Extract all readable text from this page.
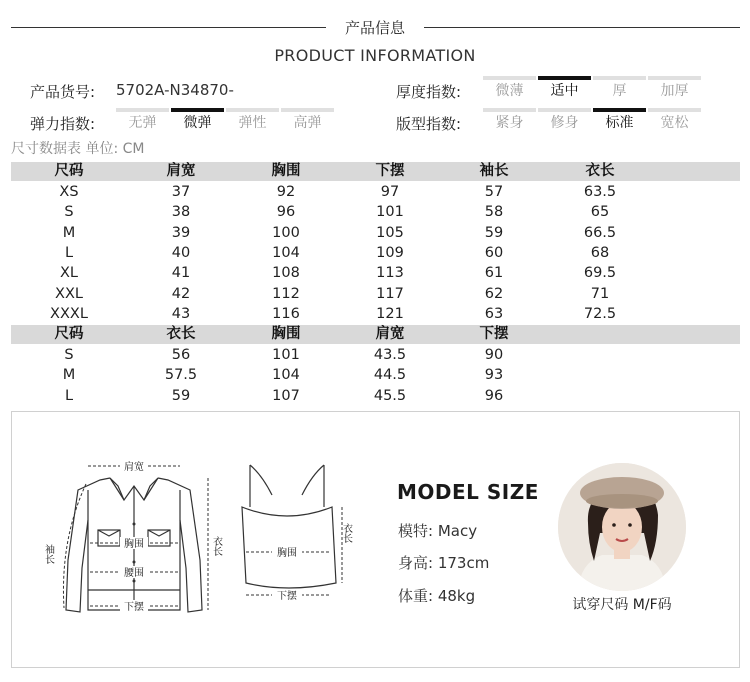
产品信息
PRODUCT INFORMATION
产品货号: 5702A-N34870-
弹力指数:	无弹	微弹	弹性	高弹
厚度指数:	微薄	适中	厚	加厚
版型指数:	紧身	修身	标准	宽松
尺寸数据表 单位: CM
尺码	肩宽	胸围	下摆	袖长	衣长
XS	37	92	97	57	63.5
S	38	96	101	58	65
M	39	100	105	59	66.5
L	40	104	109	60	68
XL	41	108	113	61	69.5
XXL	42	112	117	62	71
XXXL	43	116	121	63	72.5
尺码	衣长	胸围	肩宽	下摆
S	56	101	43.5	90
M	57.5	104	44.5	93
L	59	107	45.5	96
肩宽
胸围
腰围
下摆
袖长	衣长	胸围
下摆
衣长
MODEL SIZE
模特: Macy
身高: 173cm
体重: 48kg	试穿尺码 M/F码
